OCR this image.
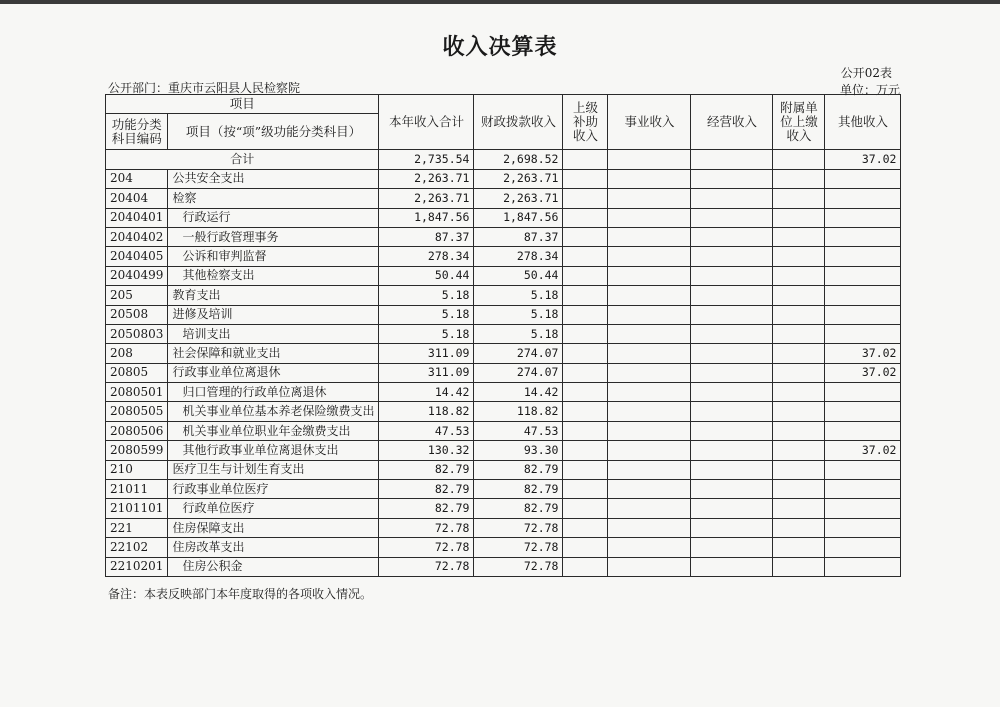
收入决算表
公开02表
公开部门：重庆市云阳县人民检察院	单位：万元
项目		本年收入合计	财政拨款收入	上级补助收入	事业收入	经营收入	附属单位上缴收入	其他收入
功能分类科目编码	项目（按“项”级功能分类科目）							
合计		2,735.54	2,698.52					37.02
204	公共安全支出	2,263.71	2,263.71					
20404	检察	2,263.71	2,263.71					
2040401	行政运行	1,847.56	1,847.56					
2040402	一般行政管理事务	87.37	87.37					
2040405	公诉和审判监督	278.34	278.34					
2040499	其他检察支出	50.44	50.44					
205	教育支出	5.18	5.18					
20508	进修及培训	5.18	5.18					
2050803	培训支出	5.18	5.18					
208	社会保障和就业支出	311.09	274.07					37.02
20805	行政事业单位离退休	311.09	274.07					37.02
2080501	归口管理的行政单位离退休	14.42	14.42					
2080505	机关事业单位基本养老保险缴费支出	118.82	118.82					
2080506	机关事业单位职业年金缴费支出	47.53	47.53					
2080599	其他行政事业单位离退休支出	130.32	93.30					37.02
210	医疗卫生与计划生育支出	82.79	82.79					
21011	行政事业单位医疗	82.79	82.79					
2101101	行政单位医疗	82.79	82.79					
221	住房保障支出	72.78	72.78					
22102	住房改革支出	72.78	72.78					
2210201	住房公积金	72.78	72.78					
备注：本表反映部门本年度取得的各项收入情况。
